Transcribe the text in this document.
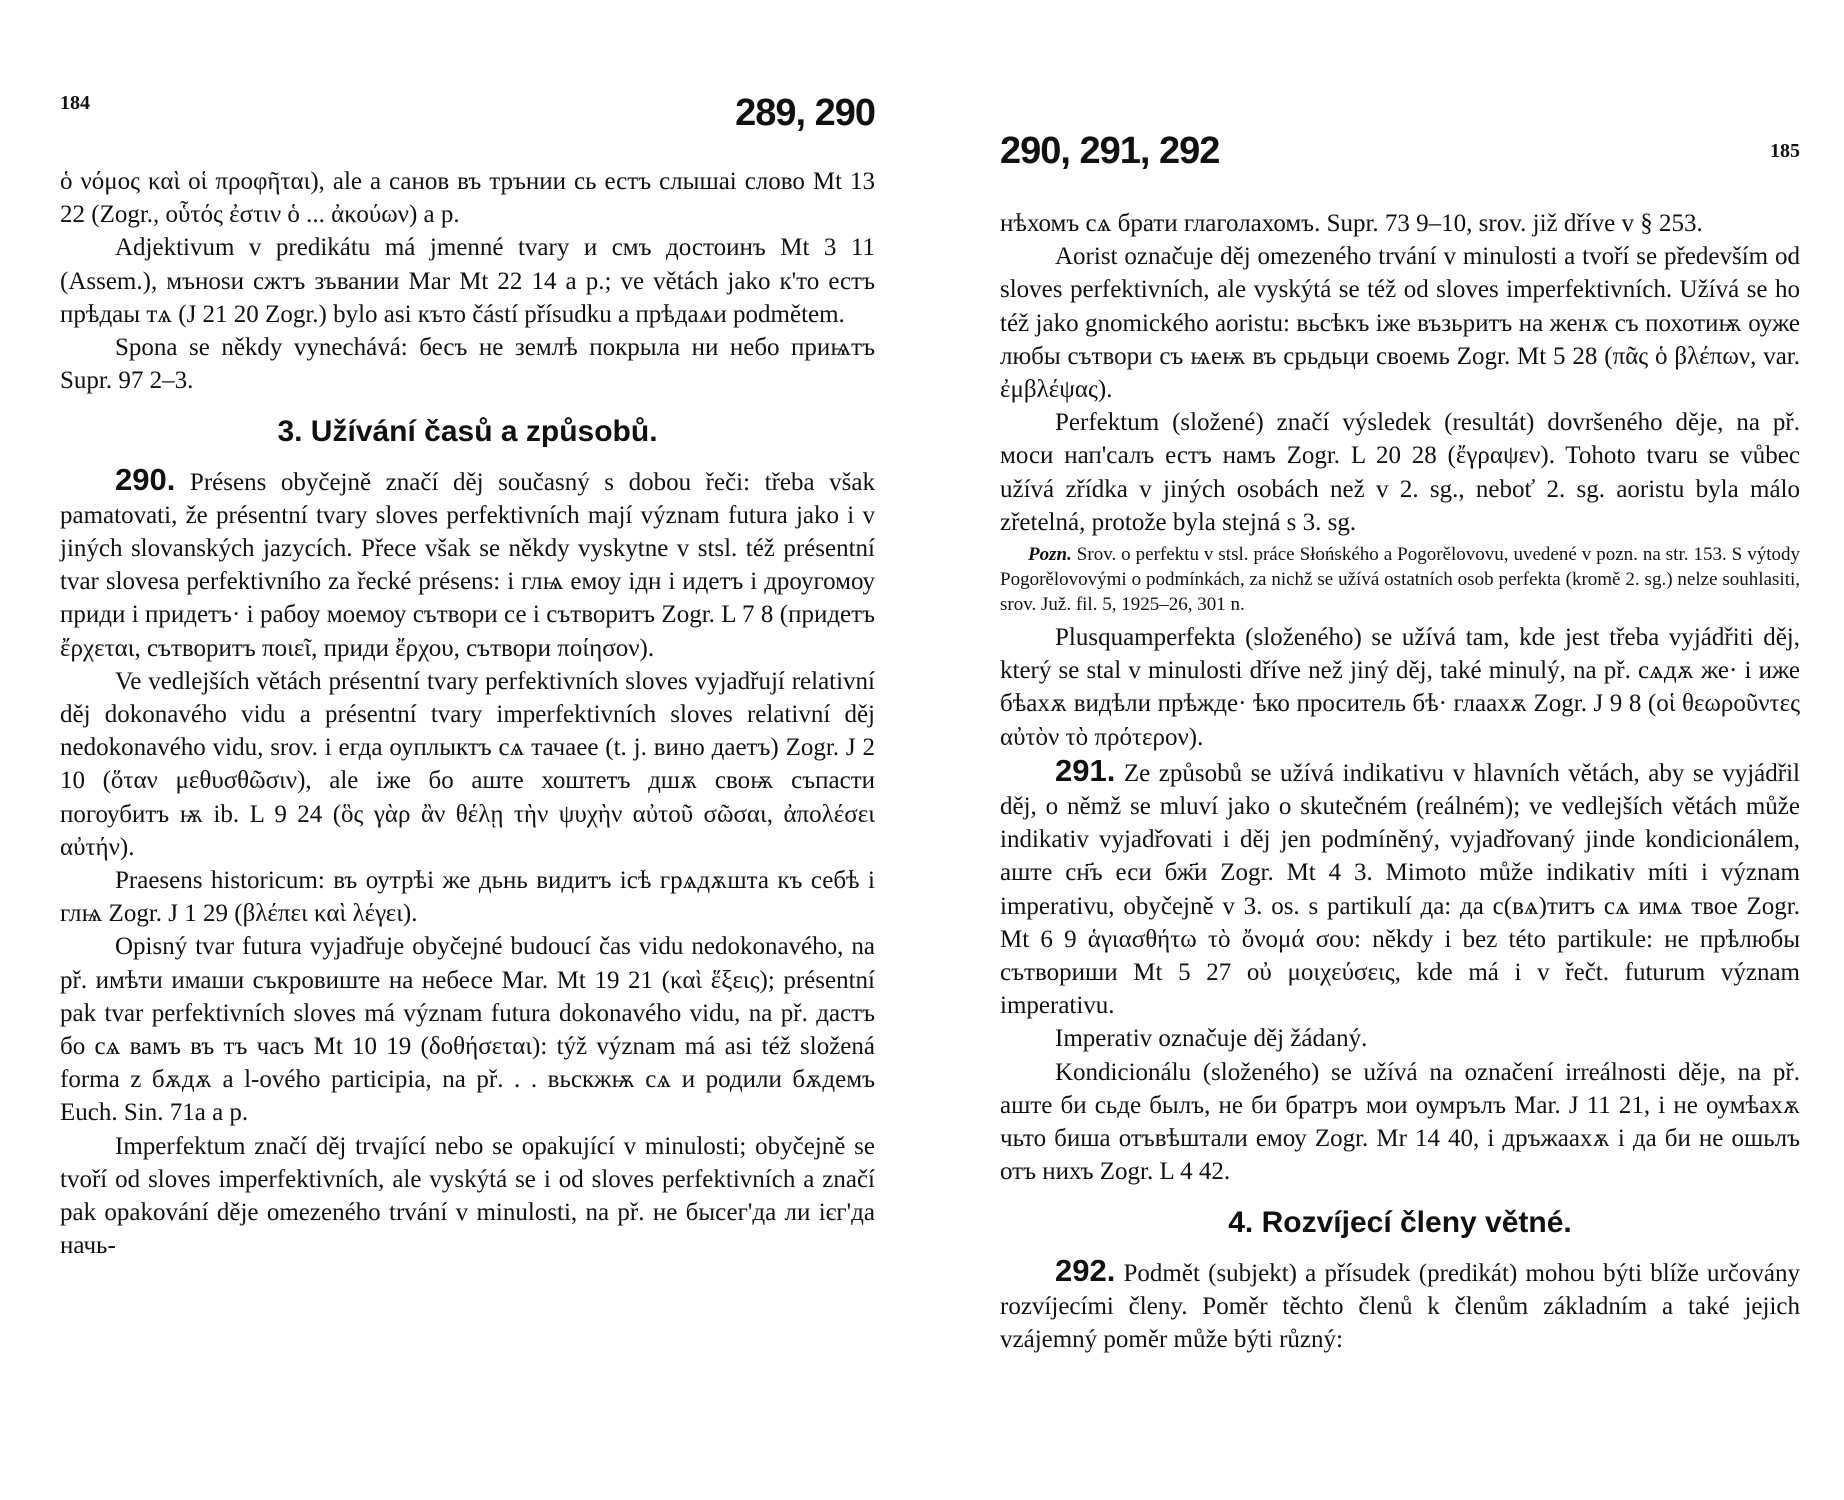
184	289, 290

ὁ νόμος καὶ οἱ προφῆται), ale а санов въ трънии сь естъ слышаі слово Mt 13 22 (Zogr., οὗτός ἐστιν ὁ ... ἀκούων) a p.

Adjektivum v predikátu má jmenné tvary и смъ достоинъ Mt 3 11 (Assem.), мъноѕи сжтъ зъвании Mar Mt 22 14 a p.; ve větách jako к'то естъ прѣдаы тѧ (J 21 20 Zogr.) bylo asi къто částí přísudku a прѣдаѧи podmětem.

Spona se někdy vynechává: бесъ не землѣ покрыла ни небо приѩтъ Supr. 97 2–3.

3. Užívání časů a způsobů.

290. Présens obyčejně značí děj současný s dobou řeči: třeba však pamatovati, že présentní tvary sloves perfektivních mají význam futura jako i v jiných slovanských jazycích. Přece však se někdy vyskytne v stsl. též présentní tvar slovesa perfektivního za řecké présens: і глѩ емоу ідн і идетъ і дроугомоу приди і придетъ· і рабоу моемоу сътвори се і сътворитъ Zogr. L 7 8 (придетъ ἔρχεται, сътворитъ ποιεῖ, приди ἔρχου, сътвори ποίησον).

Ve vedlejších větách présentní tvary perfektivních sloves vyjadřují relativní děj dokonavého vidu a présentní tvary imperfektivních sloves relativní děj nedokonavého vidu, srov. і егда оуплыктъ сѧ тачаее (t. j. вино даетъ) Zogr. J 2 10 (ὅταν μεθυσθῶσιν), ale іже бо аште хоштетъ дшѫ своѭ съпасти погоубитъ ѭ ib. L 9 24 (ὃς γὰρ ἂν θέλῃ τὴν ψυχὴν αὐτοῦ σῶσαι, ἀπολέσει αὐτήν).

Praesens historicum: въ оутрѣі же дьнь видитъ ісѣ грѧдѫшта къ себѣ і глѩ Zogr. J 1 29 (βλέπει καὶ λέγει).

Opisný tvar futura vyjadřuje obyčejné budoucí čas vidu nedokonavého, na př. имѣти имаши съкровиште на небесе Mar. Mt 19 21 (καὶ ἕξεις); présentní pak tvar perfektivních sloves má význam futura dokonavého vidu, na př. дастъ бо сѧ вамъ въ тъ часъ Mt 10 19 (δοθήσεται): týž význam má asi též složená forma z бѫдѫ a l-ového participia, na př. . . вьскжѭ сѧ и родили бѫдемъ Euch. Sin. 71a a p.

Imperfektum značí děj trvající nebo se opakující v minulosti; obyčejně se tvoří od sloves imperfektivních, ale vyskýtá se i od sloves perfektivních a značí pak opakování děje omezeného trvání v minulosti, na př. не бысег'да ли ієг'да начь-

290, 291, 292	185

нѣхомъ сѧ брати глаголахомъ. Supr. 73 9–10, srov. již dříve v § 253.

Aorist označuje děj omezeného trvání v minulosti a tvoří se především od sloves perfektivních, ale vyskýtá se též od sloves imperfektivních. Užívá se ho též jako gnomického aoristu: вьсѣкъ іже възьритъ на женѫ съ похотиѭ оуже любы сътвори съ ѩеѭ въ срьдьци своемь Zogr. Mt 5 28 (πᾶς ὁ βλέπων, var. ἐμβλέψας).

Perfektum (složené) značí výsledek (resultát) dovršeného děje, na př. моси нап'салъ естъ намъ Zogr. L 20 28 (ἔγραψεν). Tohoto tvaru se vůbec užívá zřídka v jiných osobách než v 2. sg., neboť 2. sg. aoristu byla málo zřetelná, protože byla stejná s 3. sg.

Pozn. Srov. o perfektu v stsl. práce Słońského a Pogorělovovu, uvedené v pozn. na str. 153. S výtody Pogorělovovými o podmínkách, za nichž se užívá ostatních osob perfekta (kromě 2. sg.) nelze souhlasiti, srov. Juž. fil. 5, 1925–26, 301 n.

Plusquamperfekta (složeného) se užívá tam, kde jest třeba vyjádřiti děj, který se stal v minulosti dříve než jiný děj, také minulý, na př. сѧдѫ же· і иже бѣахѫ видѣли прѣжде· ѣко проситель бѣ· глаахѫ Zogr. J 9 8 (οἱ θεωροῦντες αὐτὸν τὸ πρότερον).

291. Ze způsobů se užívá indikativu v hlavních větách, aby se vyjádřil děj, o němž se mluví jako o skutečném (reálném); ve vedlejších větách může indikativ vyjadřovati i děj jen podmíněný, vyjadřovaný jinde kondicionálem, аште сн҃ъ еси бж҃и Zogr. Mt 4 3. Mimoto může indikativ míti i význam imperativu, obyčejně v 3. os. s partikulí да: да с(вѧ)титъ сѧ имѧ твое Zogr. Mt 6 9 ἁγιασθήτω τὸ ὄνομά σου: někdy i bez této partikule: не прѣлюбы сътвориши Mt 5 27 οὐ μοιχεύσεις, kde má i v řečt. futurum význam imperativu.

Imperativ označuje děj žádaný.

Kondicionálu (složeného) se užívá na označení irreálnosti děje, na př. аште би сьде былъ, не би братръ мои оумрълъ Mar. J 11 21, і не оумѣахѫ чьто биша отъвѣштали емоу Zogr. Mr 14 40, і дръжаахѫ і да би не ошьлъ отъ нихъ Zogr. L 4 42.

4. Rozvíjecí členy větné.

292. Podmět (subjekt) a přísudek (predikát) mohou býti blíže určovány rozvíjecími členy. Poměr těchto členů k členům základním a také jejich vzájemný poměr může býti různý:
